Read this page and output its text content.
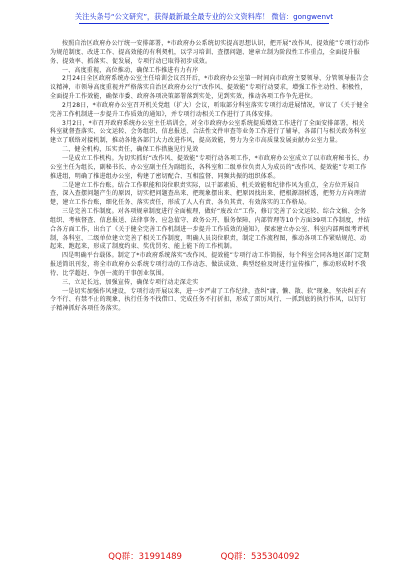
关注头条号“公文研究”，获得最新最全最专业的公文资料库！ 微信：gongwenvt

按照自治区政府办公厅统一安排部署，*市政府办公系统切实提高思想认识，把开展“改作风、提效能”专项行动作为规范制度、改进工作、提高效能的有利契机，以学习培训、查摆问题、建章立制为阶段性工作重点，全面提升服务、提效率、抓落实、促发展，专项行动已取得初步成效。

一、高度重视，高位推动，确保工作推进有力有序

2月24日全区政府系统办公室主任培训会议召开后，*市政府办公室第一时间向市政府主要领导、分管领导报告会议精神，市领导高度重视并严格落实自治区政府办公厅“改作风、提效能”专项行动要求，增强工作主动性、积极性，全面提升工作效能，确保市委、政府各项决策部署落到实处，见到实效，推动各项工作争先进位。

2月28日，*市政府办公室召开机关党组（扩大）会议，听取部分科室落实专项行动进展情况，审议了《关于健全完善工作机制进一步提升工作质效的通知》，并专项行动相关工作进行了具体安排。

3月2日，*市召开政府系统办公室主任培训会，对全市政府办公室系统提质增效工作进行了全面安排部署，相关科室就督查落实、公文运转、会务组织、信息报送、合法性文件审查等业务工作进行了辅导，各部门与相关政务科室建立了联络对接机制，推动各地各部门大力改进作风，提高效能，努力为全市高质量发展贡献办公室力量。

二、健全机构，压实责任，确保工作措施见行见效

一是成立工作机构。为切实抓好“改作风、提效能”专项行动各项工作，*市政府办公室成立了以市政府秘书长、办公室主任为组长，副秘书长、办公室副主任为副组长，各科室和二级单位负责人为成员的“改作风、提效能”专项工作推进组，明确了推进组办公室，构建了密切配合、互相监督、同频共振的组织体系。

二是建立工作台账。结合工作职能和岗位职责实际，以干部素质、机关效能和纪律作风为重点，全方位开展自查，深入查摆问题产生的原因，切实把问题查出来、把现象摆出来、把原因找出来、把根源剖析透，把努力方向理清楚，建立工作台账，细化任务、落实责任，形成了人人有责、各负其责、有效落实的工作格局。

三是完善工作制度。对各项规章制度进行全面梳理，做好“废改立”工作，修订完善了公文运转、综合文稿、会务组织、考核督查、信息报送、法律事务、应急值守、政务公开、服务保障、内部管理等10个方面39项工作制度，并结合各方面工作，出台了《关于健全完善工作机制进一步提升工作质效的通知》，探索建立办公室、科室内部两级考评机制，各科室、二级单位建立完善了相关工作制度，明确人员岗位职责，制定工作流程图，推动各项工作紧贴规范、动起来、跑起来，形成了制度约束、奖优罚劣、能上能下的工作机制。

四是明确平台载体。制定了*市政府系统落实“改作风、提效能”专项行动工作简报，每个科室会同各地区部门定期报送简讯刊发，将全市政府办公系统专项行动的工作动态、做法成效、典型经验及时进行宣传推广，推动形成时不我待、比学超赶、争创一流的干事创业氛围。

三、立足长远，加强宣传，确保专项行动走深走实

一是切实加强作风建设，专项行动开展以来，进一步严肃了工作纪律，查纠“庸、懒、散、软”现象，坚决纠正有令不行、有禁不止的现象，执行任务不找借口、完成任务不打折扣，形成了雷厉风行、一抓到底的执行作风，以钉钉子精神抓好各项任务落实。

QQ群：31991489	QQ群：535304092
